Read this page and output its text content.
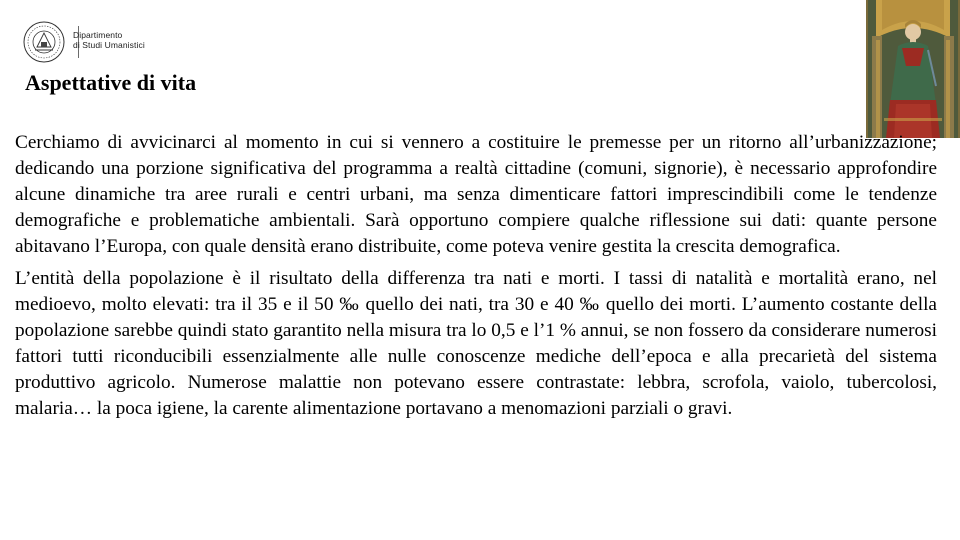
Dipartimento
di Studi Umanistici
Aspettative di vita

Cerchiamo di avvicinarci al momento in cui si vennero a costituire le premesse per un ritorno all’urbanizzazione; dedicando una porzione significativa del programma a realtà cittadine (comuni, signorie), è necessario approfondire alcune dinamiche tra aree rurali e centri urbani, ma senza dimenticare fattori imprescindibili come le tendenze demografiche e problematiche ambientali. Sarà opportuno compiere qualche riflessione sui dati: quante persone abitavano l’Europa, con quale densità erano distribuite, come poteva venire gestita la crescita demografica.

L’entità della popolazione è il risultato della differenza tra nati e morti. I tassi di natalità e mortalità erano, nel medioevo, molto elevati: tra il 35 e il 50 ‰ quello dei nati, tra 30 e 40 ‰ quello dei morti. L’aumento costante della popolazione sarebbe quindi stato garantito nella misura tra lo 0,5 e l’1 % annui, se non fossero da considerare numerosi fattori tutti riconducibili essenzialmente alle nulle conoscenze mediche dell’epoca e alla precarietà del sistema produttivo agricolo. Numerose malattie non potevano essere contrastate: lebbra, scrofola, vaiolo, tubercolosi, malaria… la poca igiene, la carente alimentazione portavano a menomazioni parziali o gravi.
